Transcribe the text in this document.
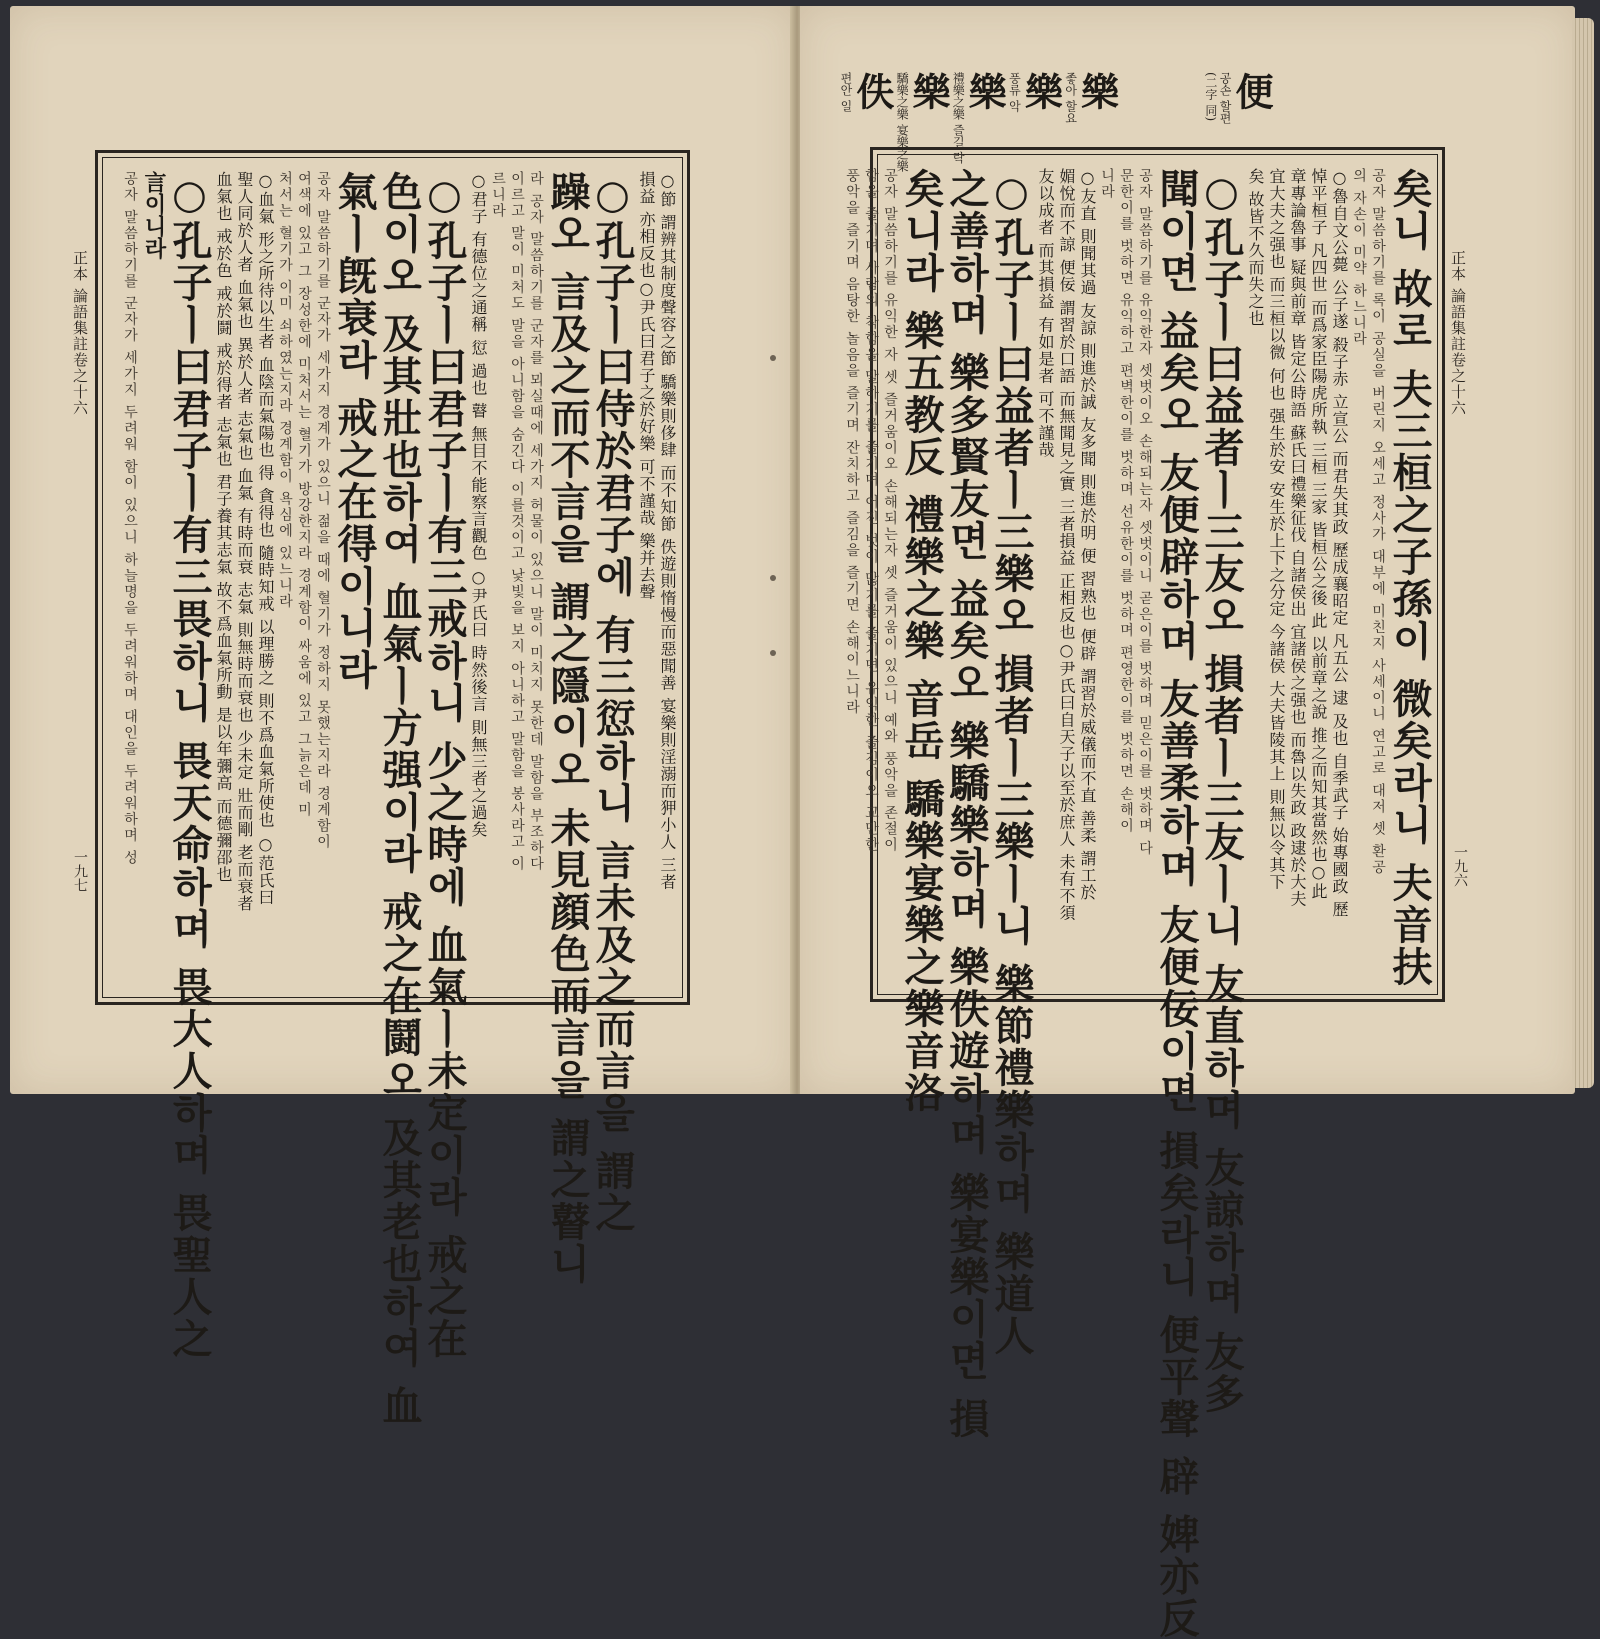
正本 論語集註卷之十六
一九七	○節 謂辨其制度聲容之節 驕樂則侈肆 而不知節 佚遊則惰慢而惡聞善 宴樂則淫溺而狎小人 三者
損益 亦相反也○尹氏曰君子之於好樂 可不謹哉 樂并去聲
○孔子ㅣ曰侍於君子에 有三愆하니 言未及之而言을 謂之
躁오 言及之而不言을 謂之隱이오 未見顔色而言을 謂之瞽니
라 공자 말씀하기를 군자를 뫼실때에 세가지 허물이 있으니 말이 미치지 못한데 말함을 부조하다
이르고 말이 미처도 말을 아니함을 숨긴다 이를것이고 낯빛을 보지 아니하고 말함을 봉사라고 이
르니라
○君子 有德位之通稱 愆 過也 瞽 無目不能察言觀色 ○尹氏曰 時然後言 則無三者之過矣
○孔子ㅣ曰君子ㅣ有三戒하니 少之時에 血氣ㅣ未定이라 戒之在
色이오 及其壯也하여 血氣ㅣ方强이라 戒之在鬪오 及其老也하여 血
氣ㅣ旣衰라 戒之在得이니라
공자 말씀하기를 군자가 세가지 경계가 있으니 젊을 때에 혈기가 정하지 못했는지라 경계함이
여색에 있고 그 장성한에 미처서는 혈기가 방강한지라 경계함이 싸움에 있고 그늙은데 미
처서는 혈기가 이미 쇠하였는지라 경계함이 욕심에 있느니라
○血氣 形之所待以生者 血陰而氣陽也 得 貪得也 隨時知戒 以理勝之 則不爲血氣所使也 ○范氏曰
聖人同於人者 血氣也 異於人者 志氣也 血氣 有時而衰 志氣 則無時而衰也 少未定 壯而剛 老而衰者
血氣也 戒於色 戒於鬪 戒於得者 志氣也 君子養其志氣 故不爲血氣所動 是以年彌高 而德彌邵也
○孔子ㅣ曰君子ㅣ有三畏하니 畏天命하며 畏大人하며 畏聖人之
言이니라
공자 말씀하기를 군자가 세가지 두려워 함이 있으니 하늘명을 두려워하며 대인을 두려워하며 성	正本 論語集註卷之十六
一九六
便
공손 할편
(二字 同)
樂
좋아 할요
樂
풍류 악
樂
禮樂之樂 즐길 락
樂
驕樂之樂 宴樂之樂
佚
편안 일
矣니 故로 夫三桓之子孫이 微矣라니 夫音扶
공자 말씀하기를 록이 공실을 버린지 오세고 정사가 대부에 미친지 사세이니 연고로 대저 셋 환공
의 자손이 미약 하느니라
○魯自文公薨 公子遂 殺子赤 立宣公 而君失其政 歷成襄昭定 凡五公 逮 及也 自季武子 始專國政 歷
悼平桓子 凡四世 而爲家臣陽虎所執 三桓 三家 皆桓公之後 此 以前章之說 推之而知其當然也○此
章專論魯事 疑與前章 皆定公時語 蘇氏曰禮樂征伐 自諸侯出 宜諸侯之强也 而魯以失政 政逮於大夫
宜大夫之强也 而三桓以微 何也 强生於安 安生於上下之分定 今諸侯 大夫皆陵其上 則無以令其下
矣 故皆不久而失之也
○孔子ㅣ曰益者ㅣ三友오 損者ㅣ三友ㅣ니 友直하며 友諒하며 友多
聞이면 益矣오 友便辟하며 友善柔하며 友便佞이면 損矣라니 便平聲 辟 婢亦反
공자 말씀하기를 유익한자 셋벗이오 손해되는자 셋벗이니 곧은이를 벗하며 믿은이를 벗하며 다
문한이를 벗하면 유익하고 편벽한이를 벗하며 선유한이를 벗하며 편영한이를 벗하면 손해이
니라
○友直 則聞其過 友諒 則進於誠 友多聞 則進於明 便 習熟也 便辟 謂習於威儀而不直 善柔 謂工於
媚悅而不諒 便佞 謂習於口語 而無聞見之實 三者損益 正相反也○尹氏曰自天子以至於庶人 未有不須
友以成者 而其損益 有如是者 可不謹哉
○孔子ㅣ曰益者ㅣ三樂오 損者ㅣ三樂ㅣ니 樂節禮樂하며 樂道人
之善하며 樂多賢友면 益矣오 樂驕樂하며 樂佚遊하며 樂宴樂이면 損
矣니라 樂五教反 禮樂之樂 音岳 驕樂宴樂之樂音洛
공자 말씀하기를 유익한 자 셋 즐거움이오 손해되는자 셋 즐거움이 있으니 예와 풍악을 존절이
함을 즐기며 사람의 착함을 말하기를 즐기며 어진 벗이 많기를 즐기면 유익한 즐김이오 교만한
풍악을 즐기며 음탕한 놀음을 즐기며 잔치하고 즐김을 즐기면 손해이느니라
